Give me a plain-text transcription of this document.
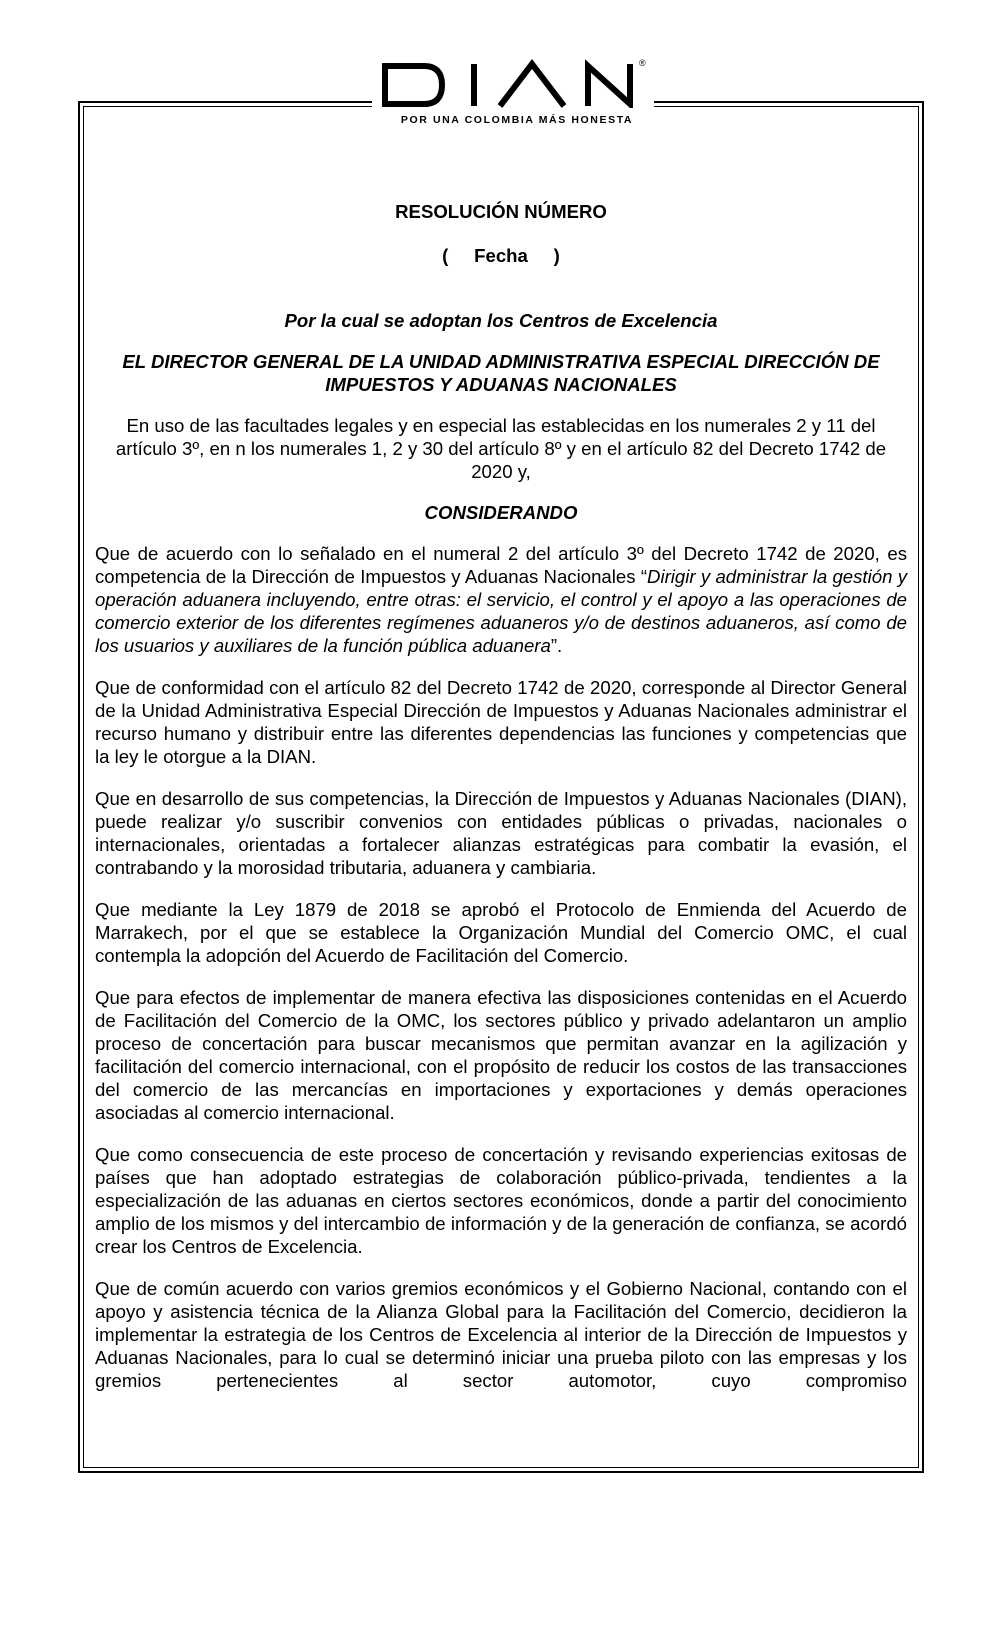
®
POR UNA COLOMBIA MÁS HONESTA

RESOLUCIÓN NÚMERO

(     Fecha     )

Por la cual se adoptan los Centros de Excelencia

EL DIRECTOR GENERAL DE LA UNIDAD ADMINISTRATIVA ESPECIAL DIRECCIÓN DE IMPUESTOS Y ADUANAS NACIONALES

En uso de las facultades legales y en especial las establecidas en los numerales 2 y 11 del artículo 3º, en n los numerales 1, 2 y 30 del artículo 8º y en el artículo 82 del Decreto 1742 de 2020 y,

CONSIDERANDO

Que de acuerdo con lo señalado en el numeral 2 del artículo 3º del Decreto 1742 de 2020, es competencia de la Dirección de Impuestos y Aduanas Nacionales “Dirigir y administrar la gestión y operación aduanera incluyendo, entre otras: el servicio, el control y el apoyo a las operaciones de comercio exterior de los diferentes regímenes aduaneros y/o de destinos aduaneros, así como de los usuarios y auxiliares de la función pública aduanera”.

Que de conformidad con el artículo 82 del Decreto 1742 de 2020, corresponde al Director General de la Unidad Administrativa Especial Dirección de Impuestos y Aduanas Nacionales administrar el recurso humano y distribuir entre las diferentes dependencias las funciones y competencias que la ley le otorgue a la DIAN.

Que en desarrollo de sus competencias, la Dirección de Impuestos y Aduanas Nacionales (DIAN), puede realizar y/o suscribir convenios con entidades públicas o privadas, nacionales o internacionales, orientadas a fortalecer alianzas estratégicas para combatir la evasión, el contrabando y la morosidad tributaria, aduanera y cambiaria.

Que mediante la Ley 1879 de 2018 se aprobó el Protocolo de Enmienda del Acuerdo de Marrakech, por el que se establece la Organización Mundial del Comercio OMC, el cual contempla la adopción del Acuerdo de Facilitación del Comercio.

Que para efectos de implementar de manera efectiva las disposiciones contenidas en el Acuerdo de Facilitación del Comercio de la OMC, los sectores público y privado adelantaron un amplio proceso de concertación para buscar mecanismos que permitan avanzar en la agilización y facilitación del comercio internacional, con el propósito de reducir los costos de las transacciones del comercio de las mercancías en importaciones y exportaciones y demás operaciones asociadas al comercio internacional.

Que como consecuencia de este proceso de concertación y revisando experiencias exitosas de países que han adoptado estrategias de colaboración público-privada, tendientes a la especialización de las aduanas en ciertos sectores económicos, donde a partir del conocimiento amplio de los mismos y del intercambio de información y de la generación de confianza, se acordó crear los Centros de Excelencia.

Que de común acuerdo con varios gremios económicos y el Gobierno Nacional, contando con el apoyo y asistencia técnica de la Alianza Global para la Facilitación del Comercio, decidieron la implementar la estrategia de los Centros de Excelencia al interior de la Dirección de Impuestos y Aduanas Nacionales, para lo cual se determinó iniciar una prueba piloto con las empresas y los gremios pertenecientes al sector automotor, cuyo compromiso
